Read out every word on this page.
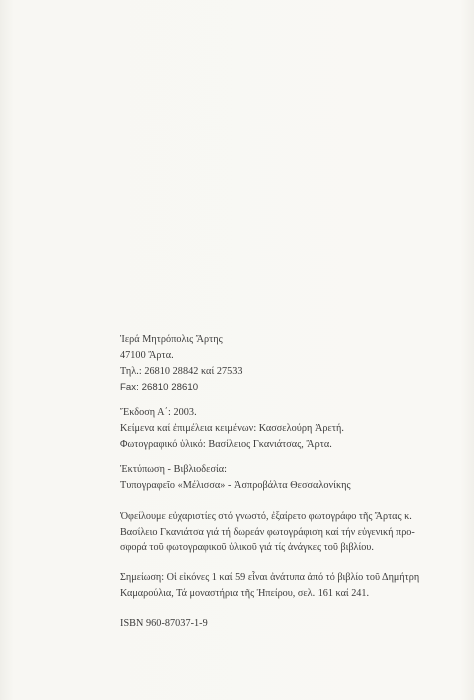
Ἱερά Μητρόπολις Ἄρτης
47100 Ἄρτα.
Τηλ.: 26810 28842 καί 27533
Fax: 26810 28610
Ἔκδοση Α΄: 2003.
Κείμενα καί ἐπιμέλεια κειμένων: Κασσελούρη Ἀρετή.
Φωτογραφικό ὑλικό: Βασίλειος Γκανιάτσας, Ἄρτα.
Ἐκτύπωση - Βιβλιοδεσία:
Τυπογραφεῖο «Μέλισσα» - Ἀσπροβάλτα Θεσσαλονίκης
Ὀφείλουμε εὐχαριστίες στό γνωστό, ἐξαίρετο φωτογράφο τῆς Ἄρτας κ.
Βασίλειο Γκανιάτσα γιά τή δωρεάν φωτογράφιση καί τήν εὐγενική προ-
σφορά τοῦ φωτογραφικοῦ ὑλικοῦ γιά τίς ἀνάγκες τοῦ βιβλίου.
Σημείωση: Οἱ εἰκόνες 1 καί 59 εἶναι ἀνάτυπα ἀπό τό βιβλίο τοῦ Δημήτρη
Καμαρούλια, Τά μοναστήρια τῆς Ἠπείρου, σελ. 161 καί 241.
ISBN 960-87037-1-9
